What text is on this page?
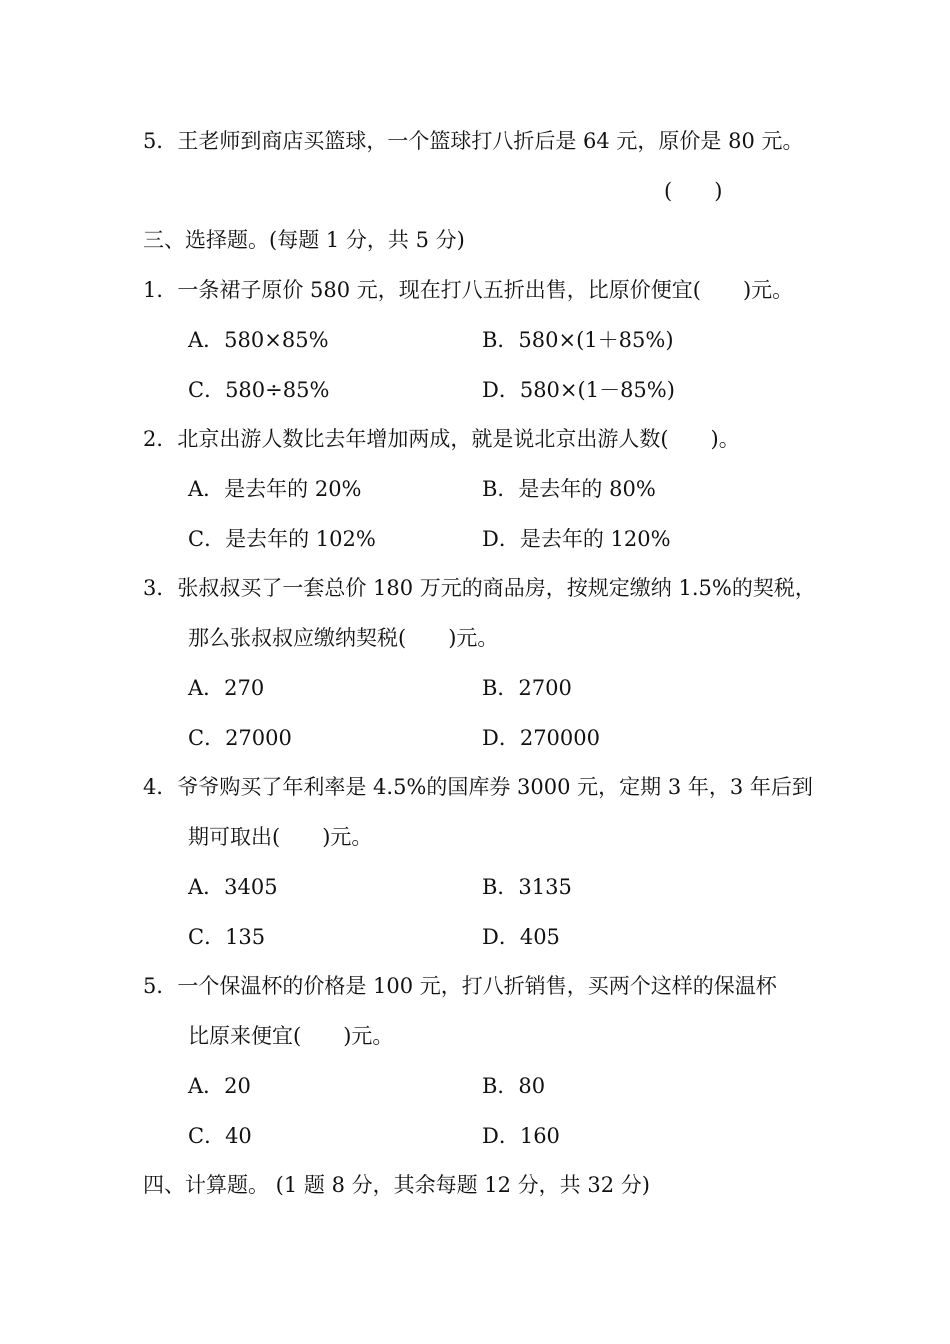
5．王老师到商店买篮球，一个篮球打八折后是 64 元，原价是 80 元。
(　　)
三、选择题。(每题 1 分，共 5 分)
1．一条裙子原价 580 元，现在打八五折出售，比原价便宜(　　)元。
A．580×85%	B．580×(1＋85%)
C．580÷85%	D．580×(1－85%)
2．北京出游人数比去年增加两成，就是说北京出游人数(　　)。
A．是去年的 20%	B．是去年的 80%
C．是去年的 102%	D．是去年的 120%
3．张叔叔买了一套总价 180 万元的商品房，按规定缴纳 1.5%的契税，
那么张叔叔应缴纳契税(　　)元。
A．270	B．2700
C．27000	D．270000
4．爷爷购买了年利率是 4.5%的国库券 3000 元，定期 3 年，3 年后到
期可取出(　　)元。
A．3405	B．3135
C．135	D．405
5．一个保温杯的价格是 100 元，打八折销售，买两个这样的保温杯
比原来便宜(　　)元。
A．20	B．80
C．40	D．160
四、计算题。 (1 题 8 分，其余每题 12 分，共 32 分)
